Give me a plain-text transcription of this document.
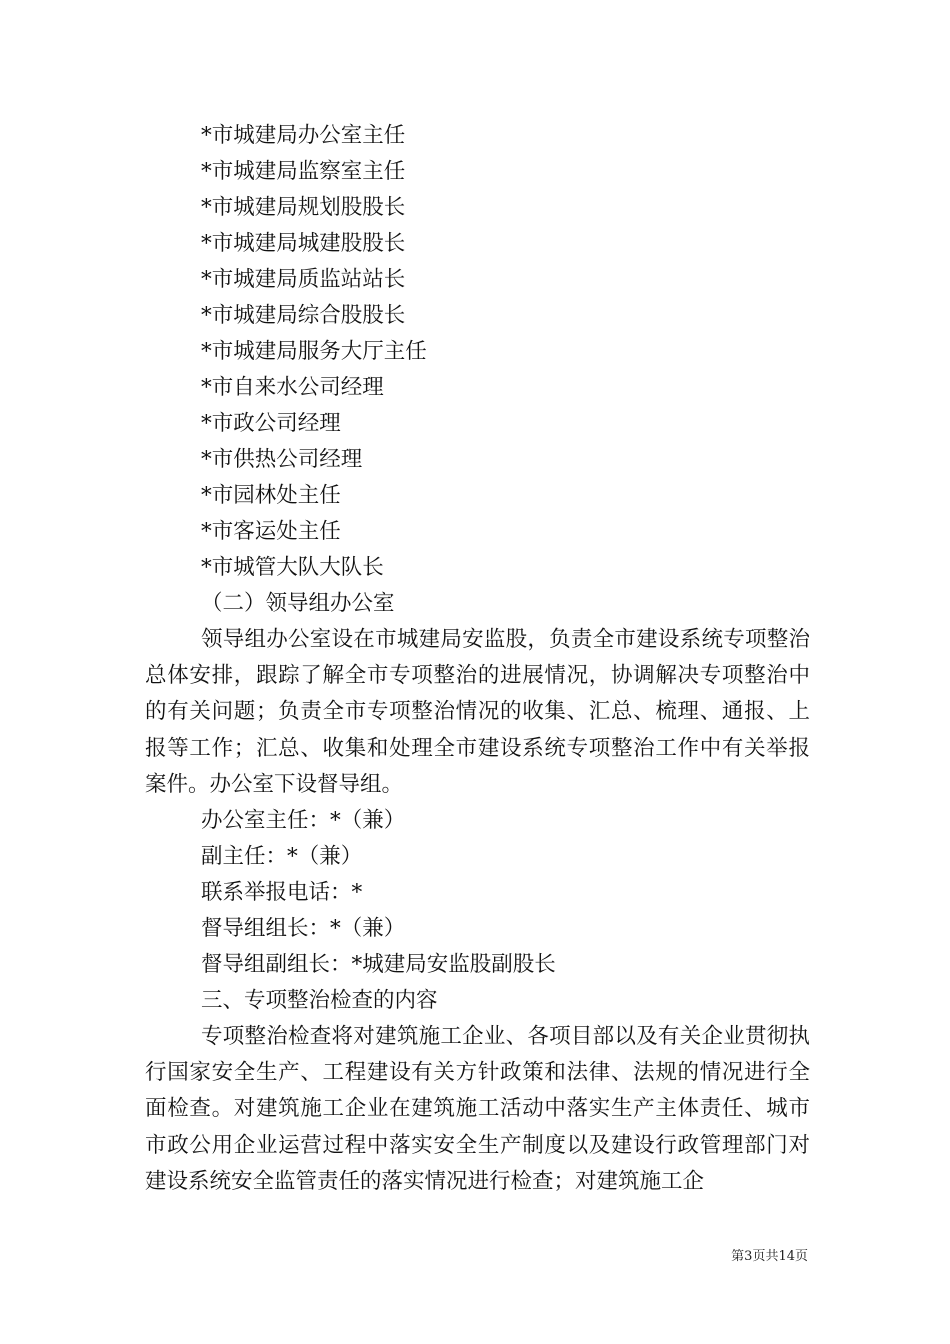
*市城建局办公室主任
*市城建局监察室主任
*市城建局规划股股长
*市城建局城建股股长
*市城建局质监站站长
*市城建局综合股股长
*市城建局服务大厅主任
*市自来水公司经理
*市政公司经理
*市供热公司经理
*市园林处主任
*市客运处主任
*市城管大队大队长
（二）领导组办公室
领导组办公室设在市城建局安监股，负责全市建设系统专项整治总体安排，跟踪了解全市专项整治的进展情况，协调解决专项整治中的有关问题；负责全市专项整治情况的收集、汇总、梳理、通报、上报等工作；汇总、收集和处理全市建设系统专项整治工作中有关举报案件。办公室下设督导组。
办公室主任：*（兼）
副主任：*（兼）
联系举报电话：*
督导组组长：*（兼）
督导组副组长：*城建局安监股副股长
三、专项整治检查的内容
专项整治检查将对建筑施工企业、各项目部以及有关企业贯彻执行国家安全生产、工程建设有关方针政策和法律、法规的情况进行全面检查。对建筑施工企业在建筑施工活动中落实生产主体责任、城市市政公用企业运营过程中落实安全生产制度以及建设行政管理部门对建设系统安全监管责任的落实情况进行检查；对建筑施工企
第3页共14页
